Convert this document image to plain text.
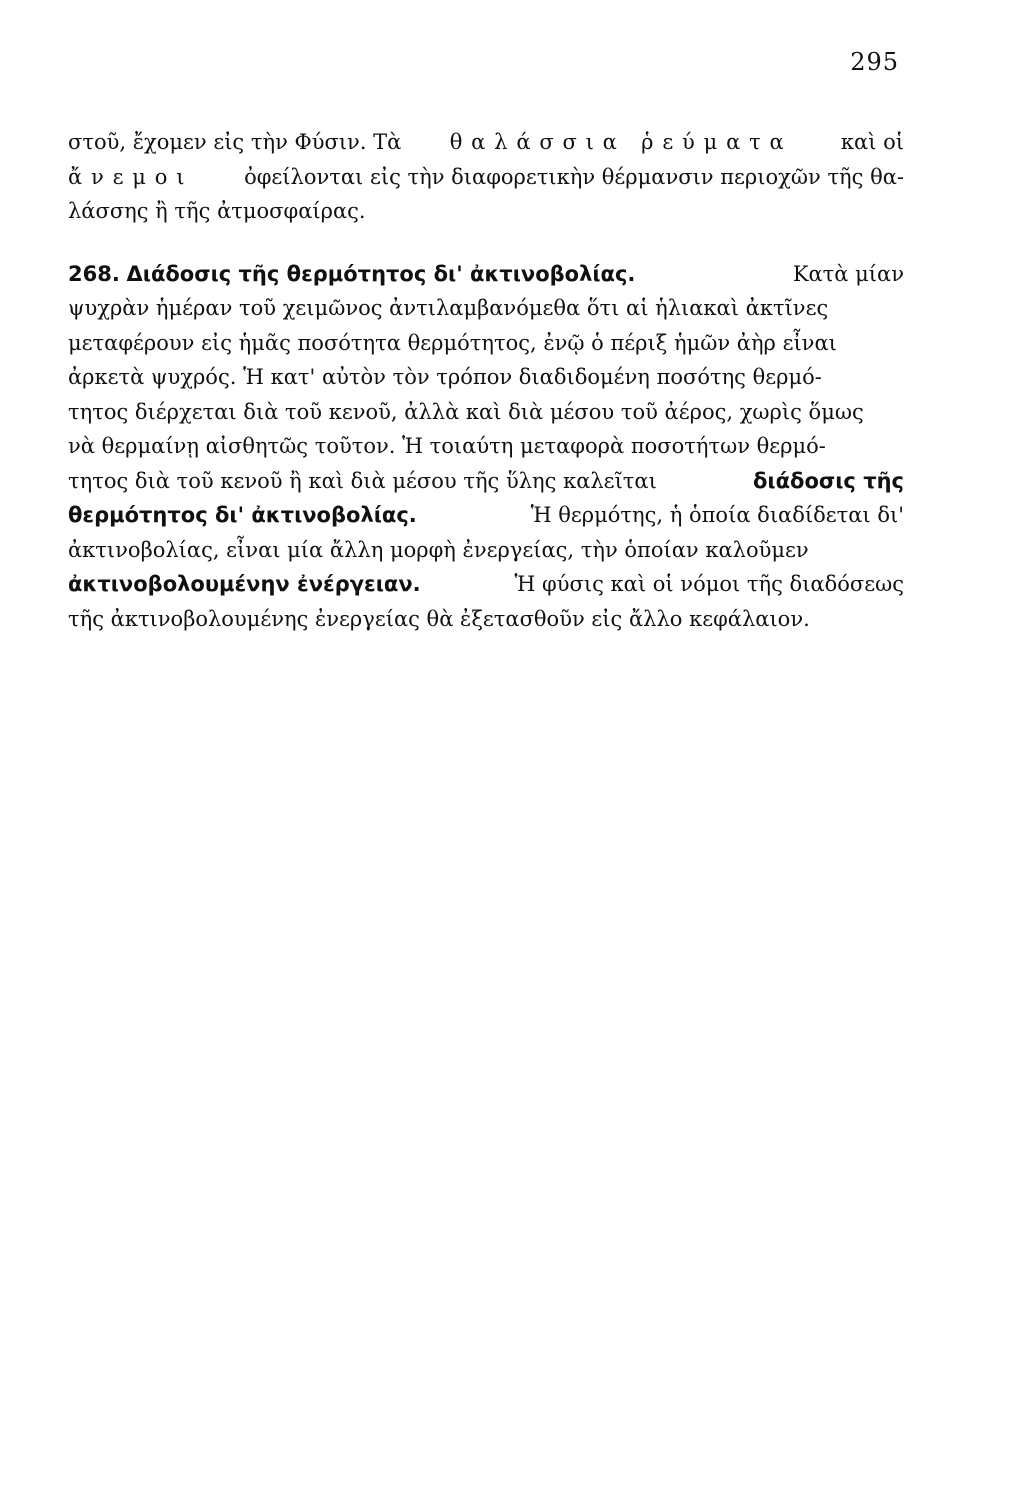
295
στοῦ, ἔχομεν εἰς τὴν Φύσιν. Τὰ θαλάσσια ῥεύματα καὶ οἱ
ἄνεμοι ὀφείλονται εἰς τὴν διαφορετικὴν θέρμανσιν περιοχῶν τῆς θα-
λάσσης ἢ τῆς ἀτμοσφαίρας.
268. Διάδοσις τῆς θερμότητος δι' ἀκτινοβολίας.	Κατὰ μίαν
ψυχρὰν ἡμέραν τοῦ χειμῶνος ἀντιλαμβανόμεθα ὅτι αἱ ἡλιακαὶ ἀκτῖνες
μεταφέρουν εἰς ἡμᾶς ποσότητα θερμότητος, ἐνῷ ὁ πέριξ ἡμῶν ἀὴρ εἶναι
ἀρκετὰ ψυχρός. Ἡ κατ' αὐτὸν τὸν τρόπον διαδιδομένη ποσότης θερμό-
τητος διέρχεται διὰ τοῦ κενοῦ, ἀλλὰ καὶ διὰ μέσου τοῦ ἀέρος, χωρὶς ὅμως
νὰ θερμαίνῃ αἰσθητῶς τοῦτον. Ἡ τοιαύτη μεταφορὰ ποσοτήτων θερμό-
τητος διὰ τοῦ κενοῦ ἢ καὶ διὰ μέσου τῆς ὕλης καλεῖται	διάδοσις τῆς
θερμότητος δι' ἀκτινοβολίας.	Ἡ θερμότης, ἡ ὁποία διαδίδεται δι'
ἀκτινοβολίας, εἶναι μία ἄλλη μορφὴ ἐνεργείας, τὴν ὁποίαν καλοῦμεν
ἀκτινοβολουμένην ἐνέργειαν.	Ἡ φύσις καὶ οἱ νόμοι τῆς διαδόσεως
τῆς ἀκτινοβολουμένης ἐνεργείας θὰ ἐξετασθοῦν εἰς ἄλλο κεφάλαιον.
